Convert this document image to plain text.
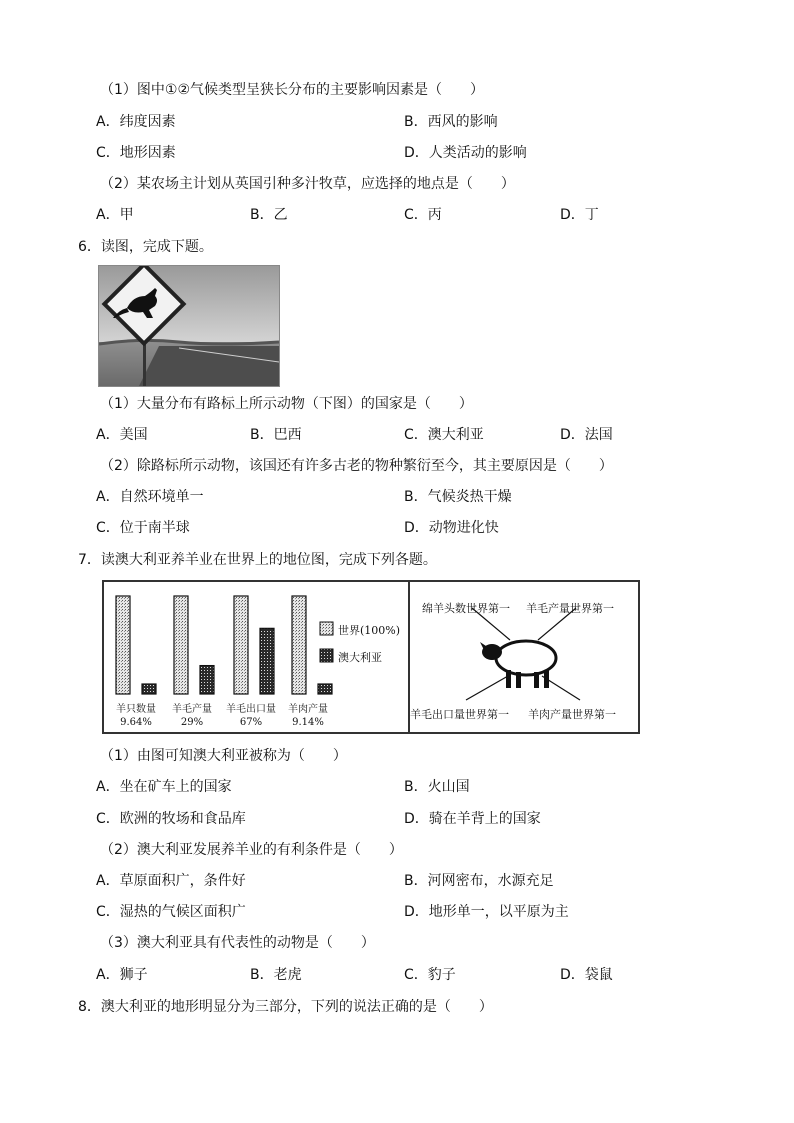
（1）图中①②气候类型呈狭长分布的主要影响因素是（　　）
A．纬度因素	B．西风的影响
C．地形因素	D．人类活动的影响
（2）某农场主计划从英国引种多汁牧草，应选择的地点是（　　）
A．甲	B．乙	C．丙	D．丁
6．读图，完成下题。
（1）大量分布有路标上所示动物（下图）的国家是（　　）
A．美国	B．巴西	C．澳大利亚	D．法国
（2）除路标所示动物，该国还有许多古老的物种繁衍至今，其主要原因是（　　）
A．自然环境单一	B．气候炎热干燥
C．位于南半球	D．动物进化快
7．读澳大利亚养羊业在世界上的地位图，完成下列各题。
世界(100%)
澳大利亚
羊只数量
9.64%
羊毛产量
29%
羊毛出口量
67%
羊肉产量
9.14%
绵羊头数世界第一 羊毛产量世界第一
羊毛出口量世界第一 羊肉产量世界第一
（1）由图可知澳大利亚被称为（　　）
A．坐在矿车上的国家	B．火山国
C．欧洲的牧场和食品库	D．骑在羊背上的国家
（2）澳大利亚发展养羊业的有利条件是（　　）
A．草原面积广，条件好	B．河网密布，水源充足
C．湿热的气候区面积广	D．地形单一，以平原为主
（3）澳大利亚具有代表性的动物是（　　）
A．狮子	B．老虎	C．豹子	D．袋鼠
8．澳大利亚的地形明显分为三部分，下列的说法正确的是（　　）
